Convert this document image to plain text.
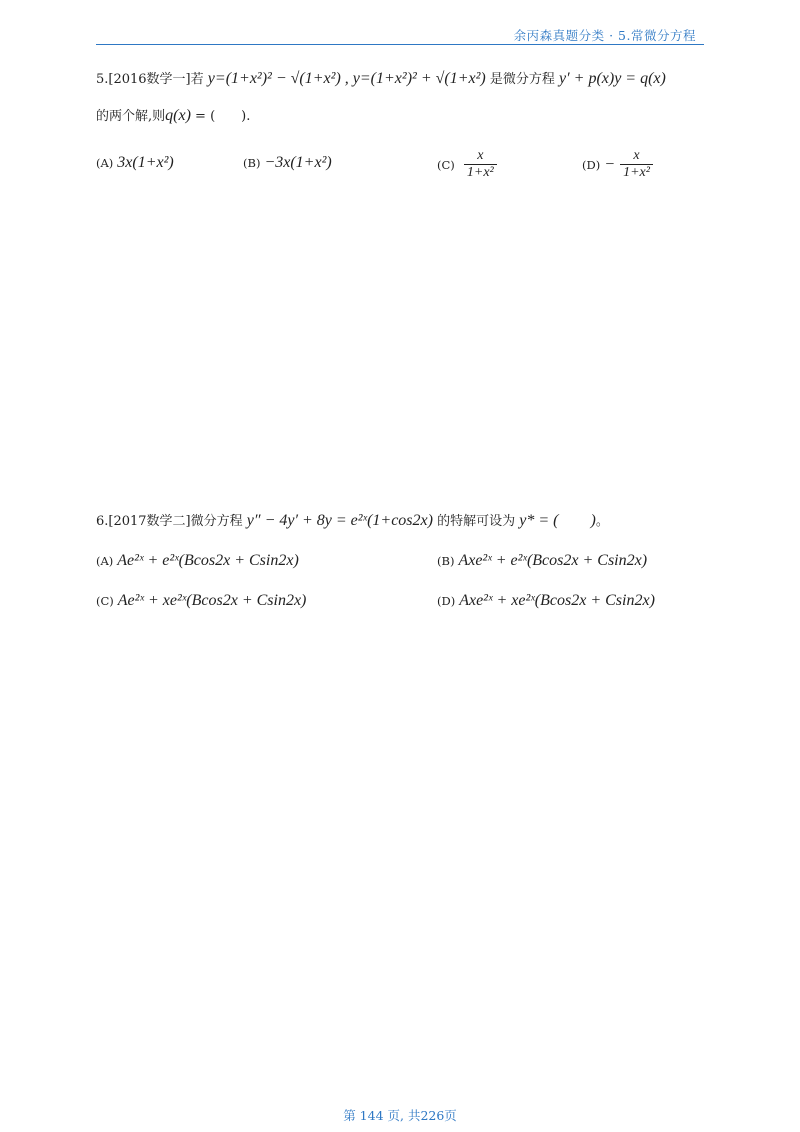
余丙森真题分类 · 5.常微分方程
5.[2016数学一]若 y=(1+x²)² − √(1+x²) , y=(1+x²)² + √(1+x²) 是微分方程 y′ + p(x)y = q(x)
的两个解,则q(x) = (　　).
(A) 3x(1+x²)	(B) −3x(1+x²)	$(C) \frac{x}{\text{1+x²}}$	$(D) - \frac{x}{\text{1+x²}}$
6.[2017数学二]微分方程 y″ − 4y′ + 8y = e²ˣ(1+cos2x) 的特解可设为 y* = (　　)。
(A) Ae²ˣ + e²ˣ(Bcos2x + Csin2x)	(B) Axe²ˣ + e²ˣ(Bcos2x + Csin2x)
(C) Ae²ˣ + xe²ˣ(Bcos2x + Csin2x)	(D) Axe²ˣ + xe²ˣ(Bcos2x + Csin2x)
第 144 页, 共226页
